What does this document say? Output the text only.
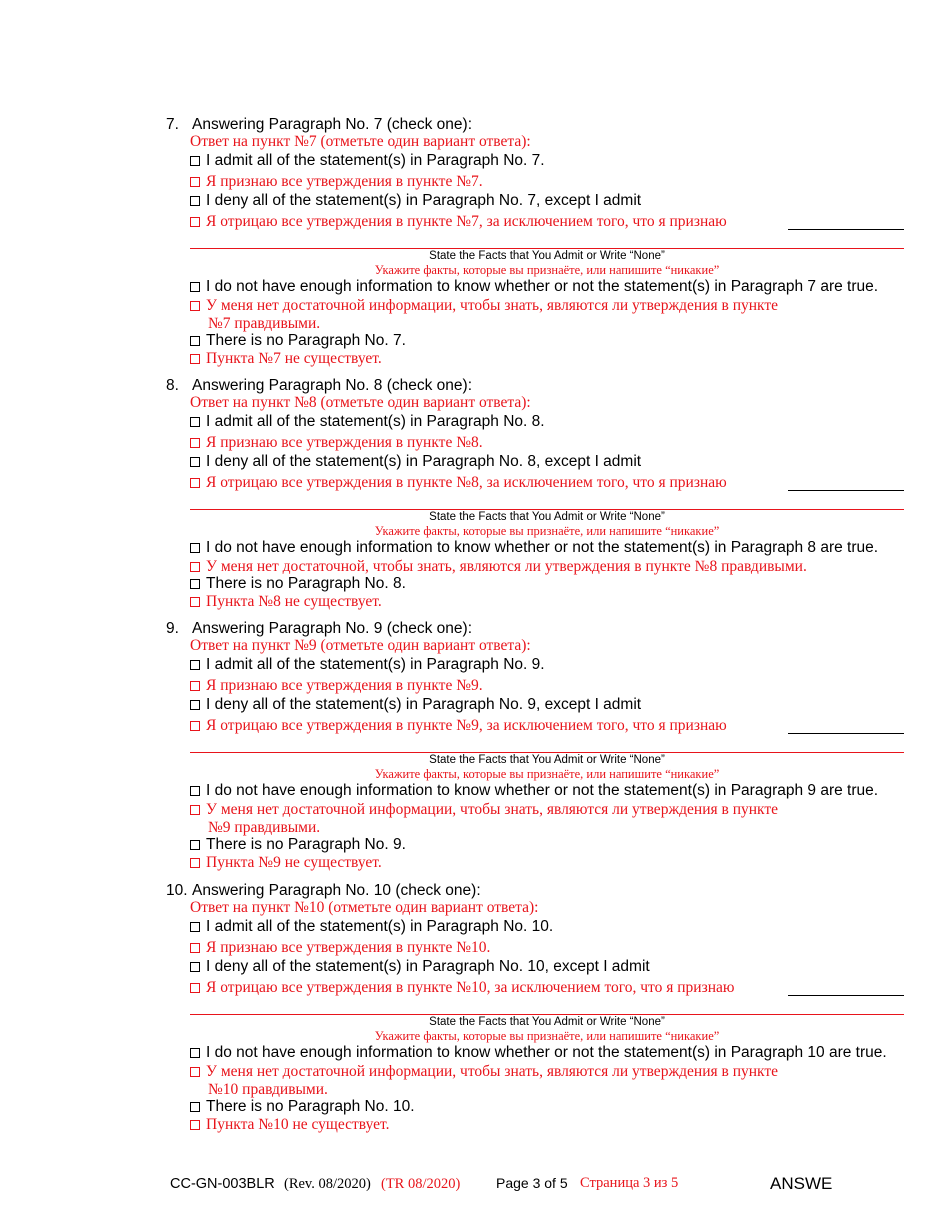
7. Answering Paragraph No. 7 (check one):
Ответ на пункт №7 (отметьте один вариант ответа):
I admit all of the statement(s) in Paragraph No. 7.
Я признаю все утверждения в пункте №7.
I deny all of the statement(s) in Paragraph No. 7, except I admit
Я отрицаю все утверждения в пункте №7, за исключением того, что я признаю
State the Facts that You Admit or Write “None”
Укажите факты, которые вы признаёте, или напишите “никакие”
I do not have enough information to know whether or not the statement(s) in Paragraph 7 are true.
У меня нет достаточной информации, чтобы знать, являются ли утверждения в пункте
№7 правдивыми.
There is no Paragraph No. 7.
Пункта №7 не существует.
8. Answering Paragraph No. 8 (check one):
Ответ на пункт №8 (отметьте один вариант ответа):
I admit all of the statement(s) in Paragraph No. 8.
Я признаю все утверждения в пункте №8.
I deny all of the statement(s) in Paragraph No. 8, except I admit
Я отрицаю все утверждения в пункте №8, за исключением того, что я признаю
State the Facts that You Admit or Write “None”
Укажите факты, которые вы признаёте, или напишите “никакие”
I do not have enough information to know whether or not the statement(s) in Paragraph 8 are true.
У меня нет достаточной, чтобы знать, являются ли утверждения в пункте №8 правдивыми.
There is no Paragraph No. 8.
Пункта №8 не существует.
9. Answering Paragraph No. 9 (check one):
Ответ на пункт №9 (отметьте один вариант ответа):
I admit all of the statement(s) in Paragraph No. 9.
Я признаю все утверждения в пункте №9.
I deny all of the statement(s) in Paragraph No. 9, except I admit
Я отрицаю все утверждения в пункте №9, за исключением того, что я признаю
State the Facts that You Admit or Write “None”
Укажите факты, которые вы признаёте, или напишите “никакие”
I do not have enough information to know whether or not the statement(s) in Paragraph 9 are true.
У меня нет достаточной информации, чтобы знать, являются ли утверждения в пункте
№9 правдивыми.
There is no Paragraph No. 9.
Пункта №9 не существует.
10. Answering Paragraph No. 10 (check one):
Ответ на пункт №10 (отметьте один вариант ответа):
I admit all of the statement(s) in Paragraph No. 10.
Я признаю все утверждения в пункте №10.
I deny all of the statement(s) in Paragraph No. 10, except I admit
Я отрицаю все утверждения в пункте №10, за исключением того, что я признаю
State the Facts that You Admit or Write “None”
Укажите факты, которые вы признаёте, или напишите “никакие”
I do not have enough information to know whether or not the statement(s) in Paragraph 10 are true.
У меня нет достаточной информации, чтобы знать, являются ли утверждения в пункте
№10 правдивыми.
There is no Paragraph No. 10.
Пункта №10 не существует.
CC-GN-003BLR (Rev. 08/2020) (TR 08/2020)	Page 3 of 5 Страница 3 из 5	ANSWE
